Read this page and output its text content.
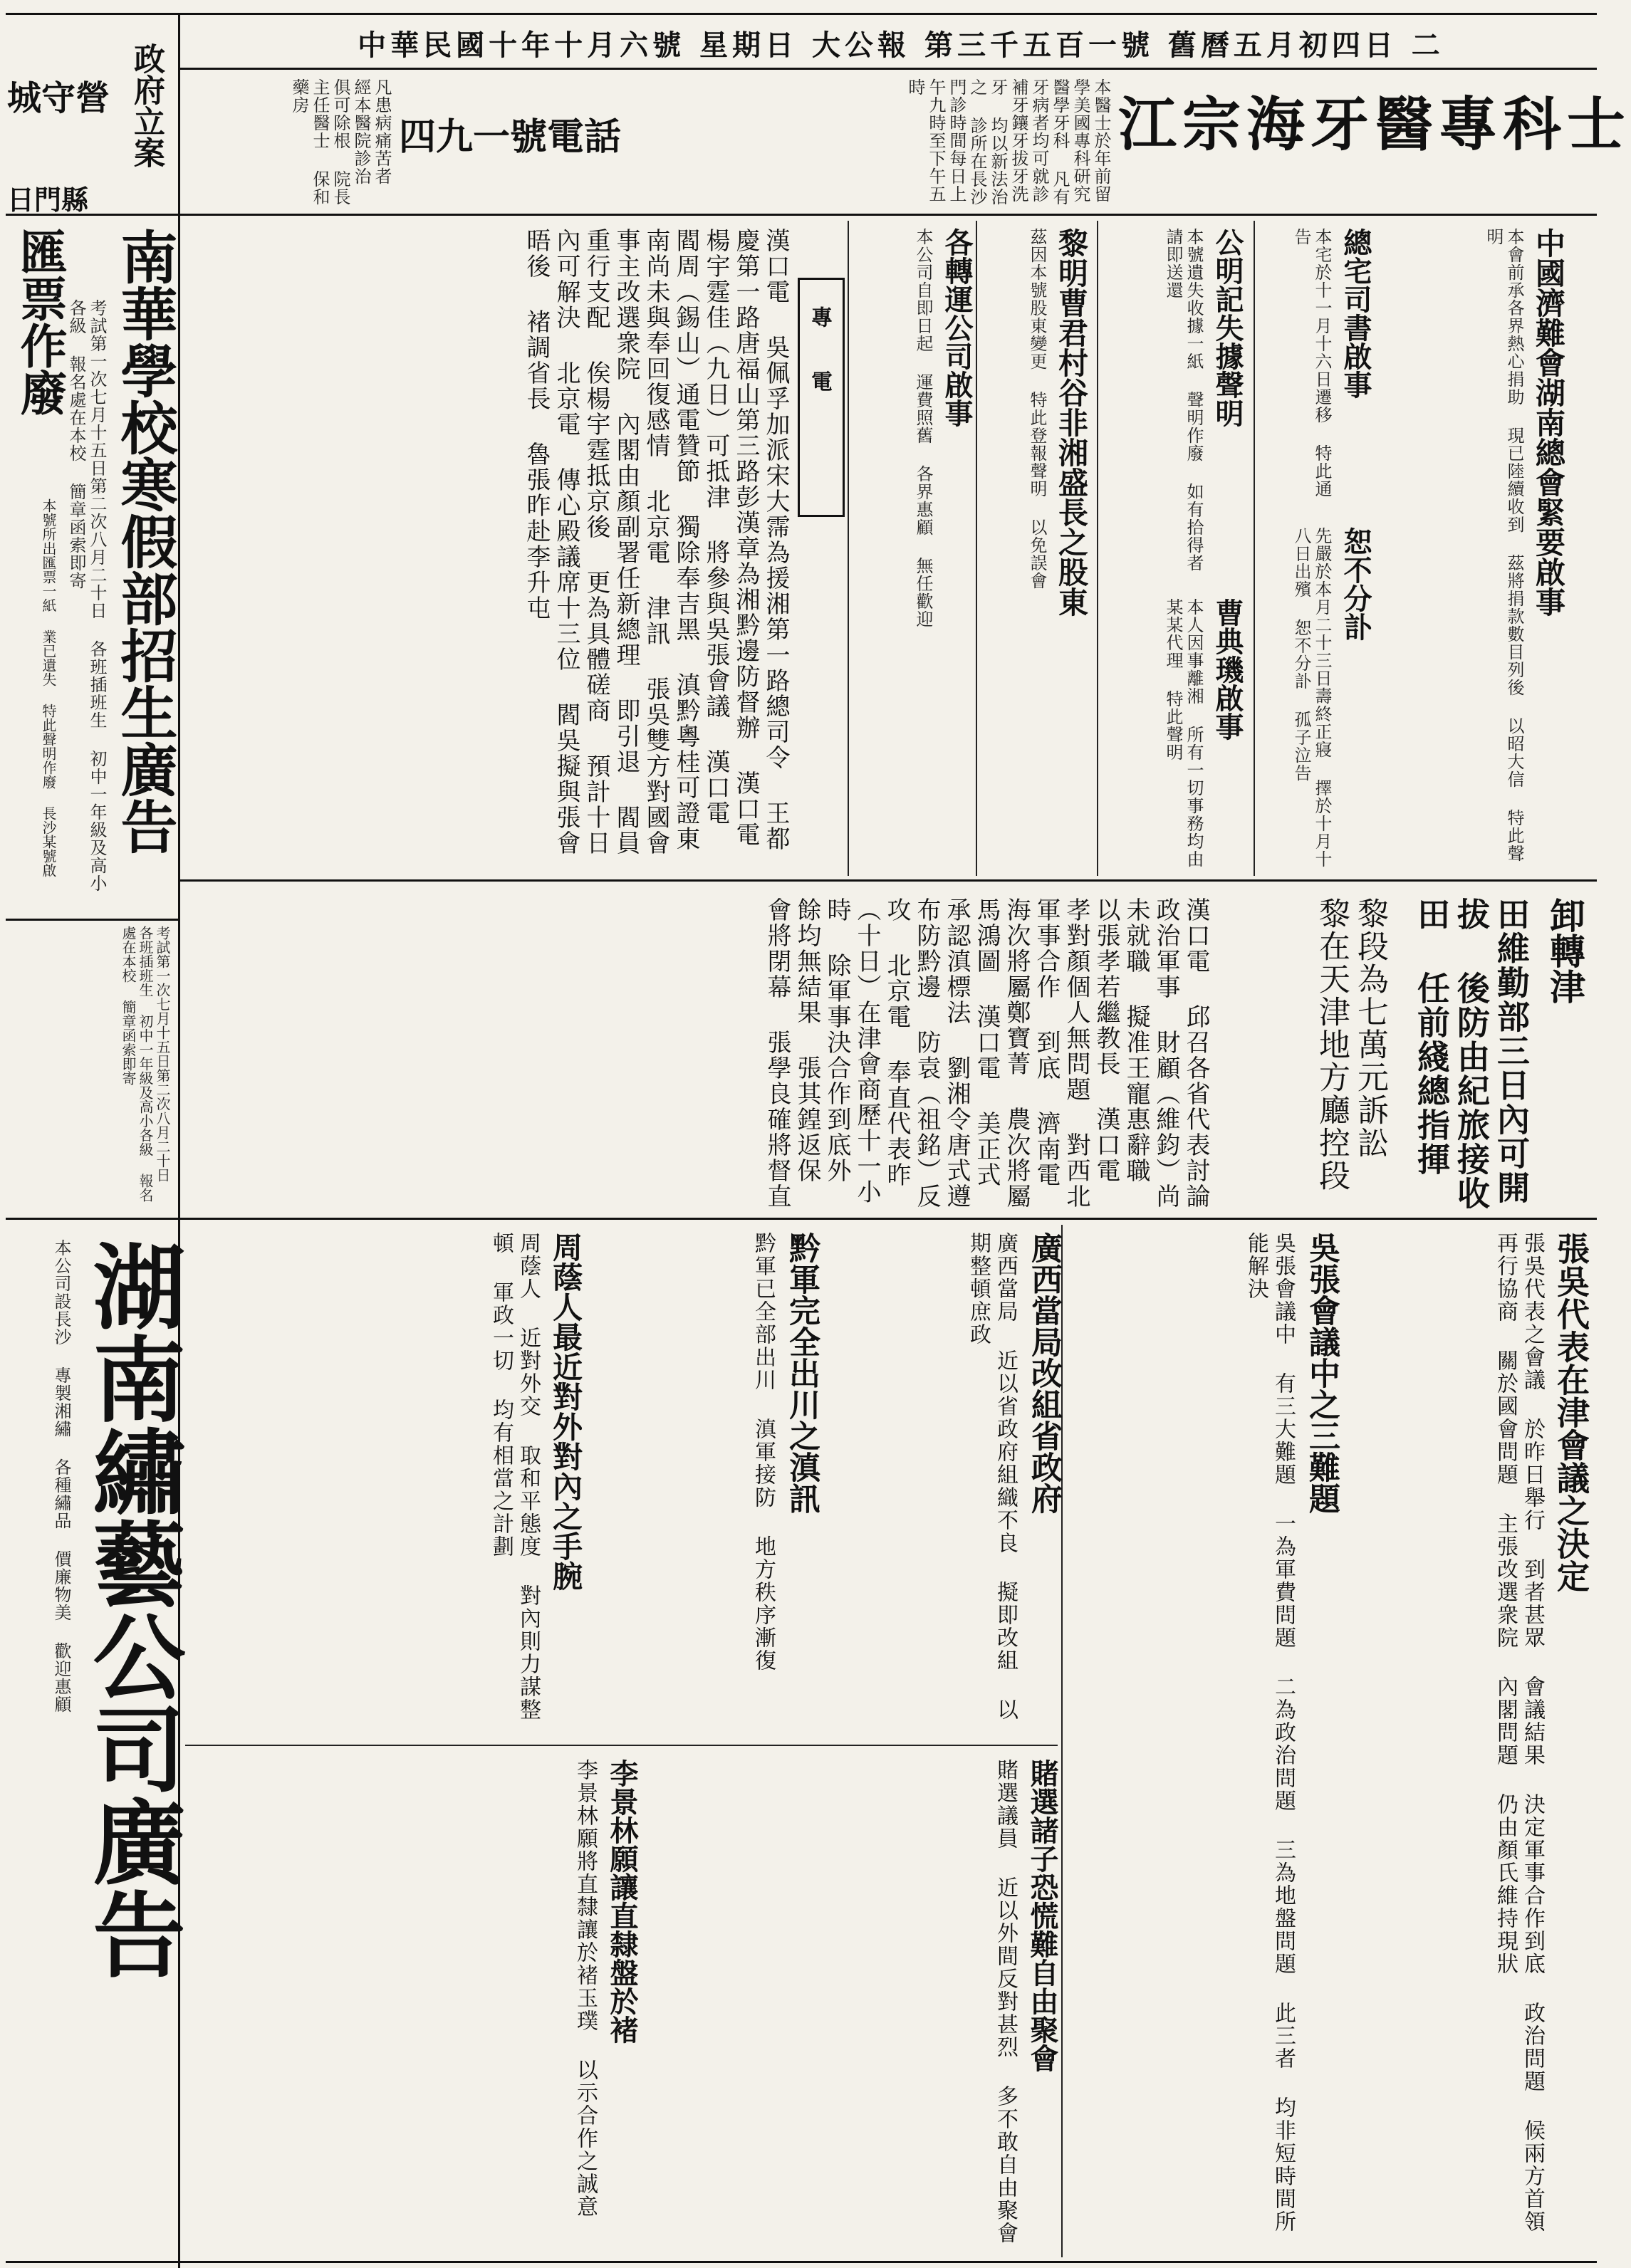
中華民國十年十月六號 星期日 大公報 第三千五百一號 舊曆五月初四日 二
政府立案
城守營
日門縣
江宗海牙醫專科士
本醫士於年前留學美國專科研究醫學牙科 凡有牙病者均可就診 補牙鑲牙拔牙洗牙 均以新法治之 診所在長沙 門診時間每日上午九時至下午五時
四九一號電話
凡患病痛苦者 經本醫院診治 俱可除根 院長主任醫士 保和藥房
南華學校寒假部招生廣告
考試第一次七月十五日第二次八月二十日 各班插班生 初中一年級及高小各級 報名處在本校 簡章函索即寄
匯票作廢
本號所出匯票一紙 業已遺失 特此聲明作廢 長沙某號啟
考試第一次七月十五日第二次八月二十日 各班插班生 初中一年級及高小各級 報名處在本校 簡章函索即寄
湖南繡藝公司廣告
本公司設長沙 專製湘繡 各種繡品 價廉物美 歡迎惠顧
中國濟難會湖南總會緊要啟事
本會前承各界熱心捐助 現已陸續收到 茲將捐款數目列後 以昭大信 特此聲明
總宅司書啟事
本宅於十一月十六日遷移 特此通告
恕不分訃
先嚴於本月二十三日壽終正寢 擇於十月十八日出殯 恕不分訃 孤子泣告
公明記失據聲明
本號遺失收據一紙 聲明作廢 如有拾得者 請即送還
曹典璣啟事
本人因事離湘 所有一切事務均由某某代理 特此聲明
黎明曹君村谷非湘盛長之股東
茲因本號股東變更 特此登報聲明 以免誤會
各轉運公司啟事
本公司自即日起 運費照舊 各界惠顧 無任歡迎
專電
漢口電 吳佩孚加派宋大霈為援湘第一路總司令 王都慶第一路唐福山第三路彭漢章為湘黔邊防督辦 漢口電 楊宇霆佳（九日）可抵津 將參與吳張會議 漢口電 閻周（錫山）通電贊節 獨除奉吉黑 滇黔粵桂可證東南尚未與奉回復感情 北京電 津訊 張吳雙方對國會事主改選衆院 內閣由顏副署任新總理 即引退 閻員重行支配 俟楊宇霆抵京後 更為具體磋商 預計十日內可解決 北京電 傳心殿議席十三位 閻吳擬與張會晤後 褚調省長 魯張昨赴李升屯
卸轉津
田維勤部三日內可開拔 後防由紀旅接收田 任前綫總指揮
黎段為七萬元訴訟 黎在天津地方廳控段
漢口電 邱召各省代表討論政治軍事 財顧（維鈞）尚未就職 擬准王寵惠辭職 以張孝若繼教長 漢口電 孝對顏個人無問題 對西北軍事合作 到底 濟南電 海次將屬鄭寶菁 農次將屬馬鴻圖 漢口電 美正式承認滇標法 劉湘令唐式遵布防黔邊 防袁（祖銘）反攻 北京電 奉直代表昨（十日）在津會商歷十一小時 除軍事決合作到底外 餘均無結果 張其鍠返保 會將閉幕 張學良確將督直
張吳代表在津會議之決定
張吳代表之會議 於昨日舉行 到者甚眾 會議結果 決定軍事合作到底 政治問題 候兩方首領再行協商 關於國會問題 主張改選衆院 內閣問題 仍由顏氏維持現狀
吳張會議中之三難題
吳張會議中 有三大難題 一為軍費問題 二為政治問題 三為地盤問題 此三者 均非短時間所能解決
廣西當局改組省政府
廣西當局 近以省政府組織不良 擬即改組 以期整頓庶政
黔軍完全出川之滇訊
黔軍已全部出川 滇軍接防 地方秩序漸復
周蔭人最近對外對內之手腕
周蔭人 近對外交 取和平態度 對內則力謀整頓 軍政一切 均有相當之計劃
賭選諸子恐慌難自由聚會
賭選議員 近以外間反對甚烈 多不敢自由聚會
李景林願讓直隸盤於褚
李景林願將直隸讓於褚玉璞 以示合作之誠意
